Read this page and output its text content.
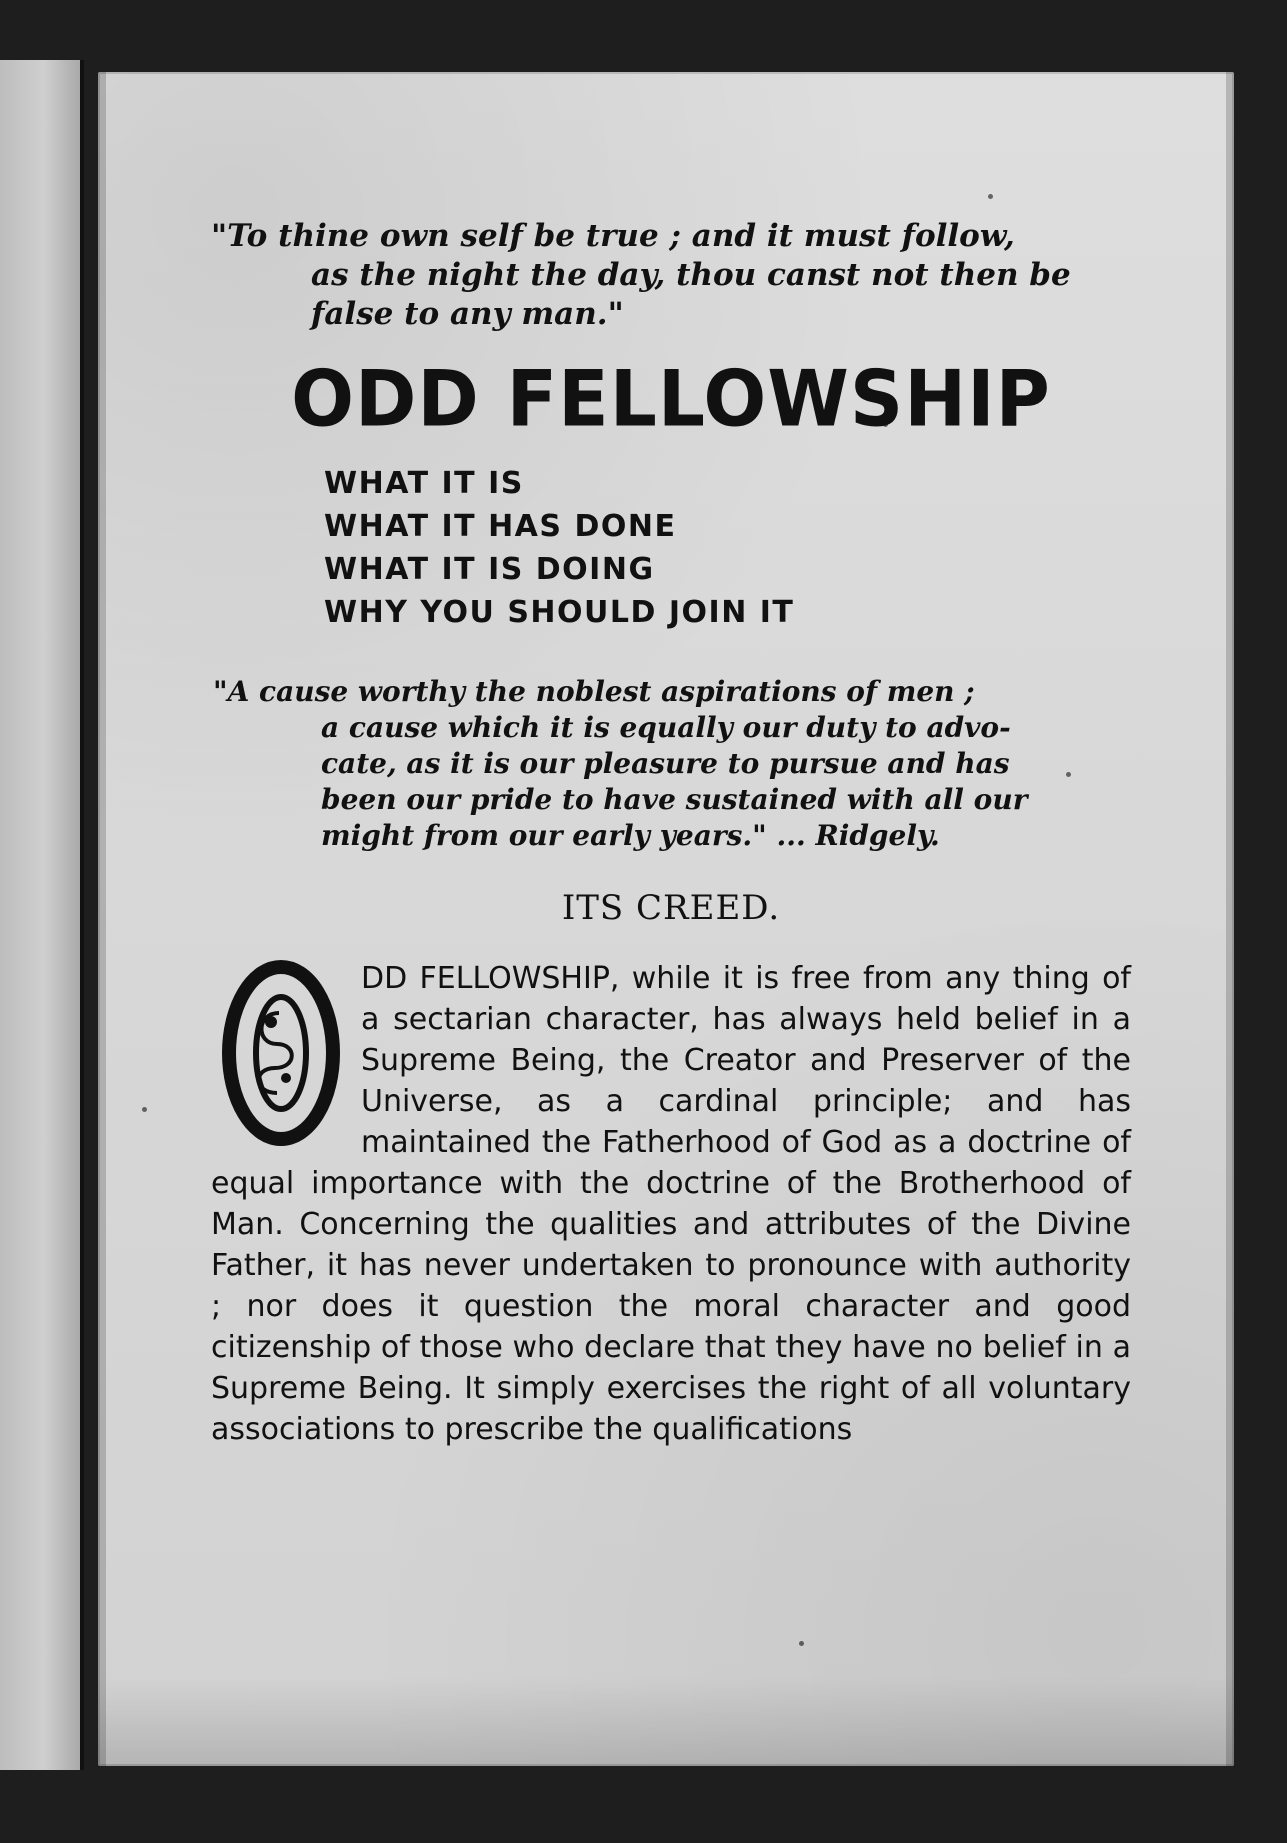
"To thine own self be true ; and it must follow,
as the night the day, thou canst not then be
false to any man."
ODD FELLOWSHIP
WHAT IT IS
WHAT IT HAS DONE
WHAT IT IS DOING
WHY YOU SHOULD JOIN IT
"A cause worthy the noblest aspirations of men ;
a cause which it is equally our duty to advo-
cate, as it is our pleasure to pursue and has
been our pride to have sustained with all our
might from our early years." ... Ridgely.
ITS CREED.

DD FELLOWSHIP, while it is free from any thing of a sectarian character, has always held belief in a Supreme Being, the Creator and Preserver of the Universe, as a cardinal principle; and has maintained the Fatherhood of God as a doctrine of equal importance with the doctrine of the Brotherhood of Man. Concerning the qualities and attributes of the Divine Father, it has never undertaken to pronounce with authority ; nor does it question the moral character and good citizenship of those who declare that they have no belief in a Supreme Being. It simply exercises the right of all voluntary associations to prescribe the qualifications
